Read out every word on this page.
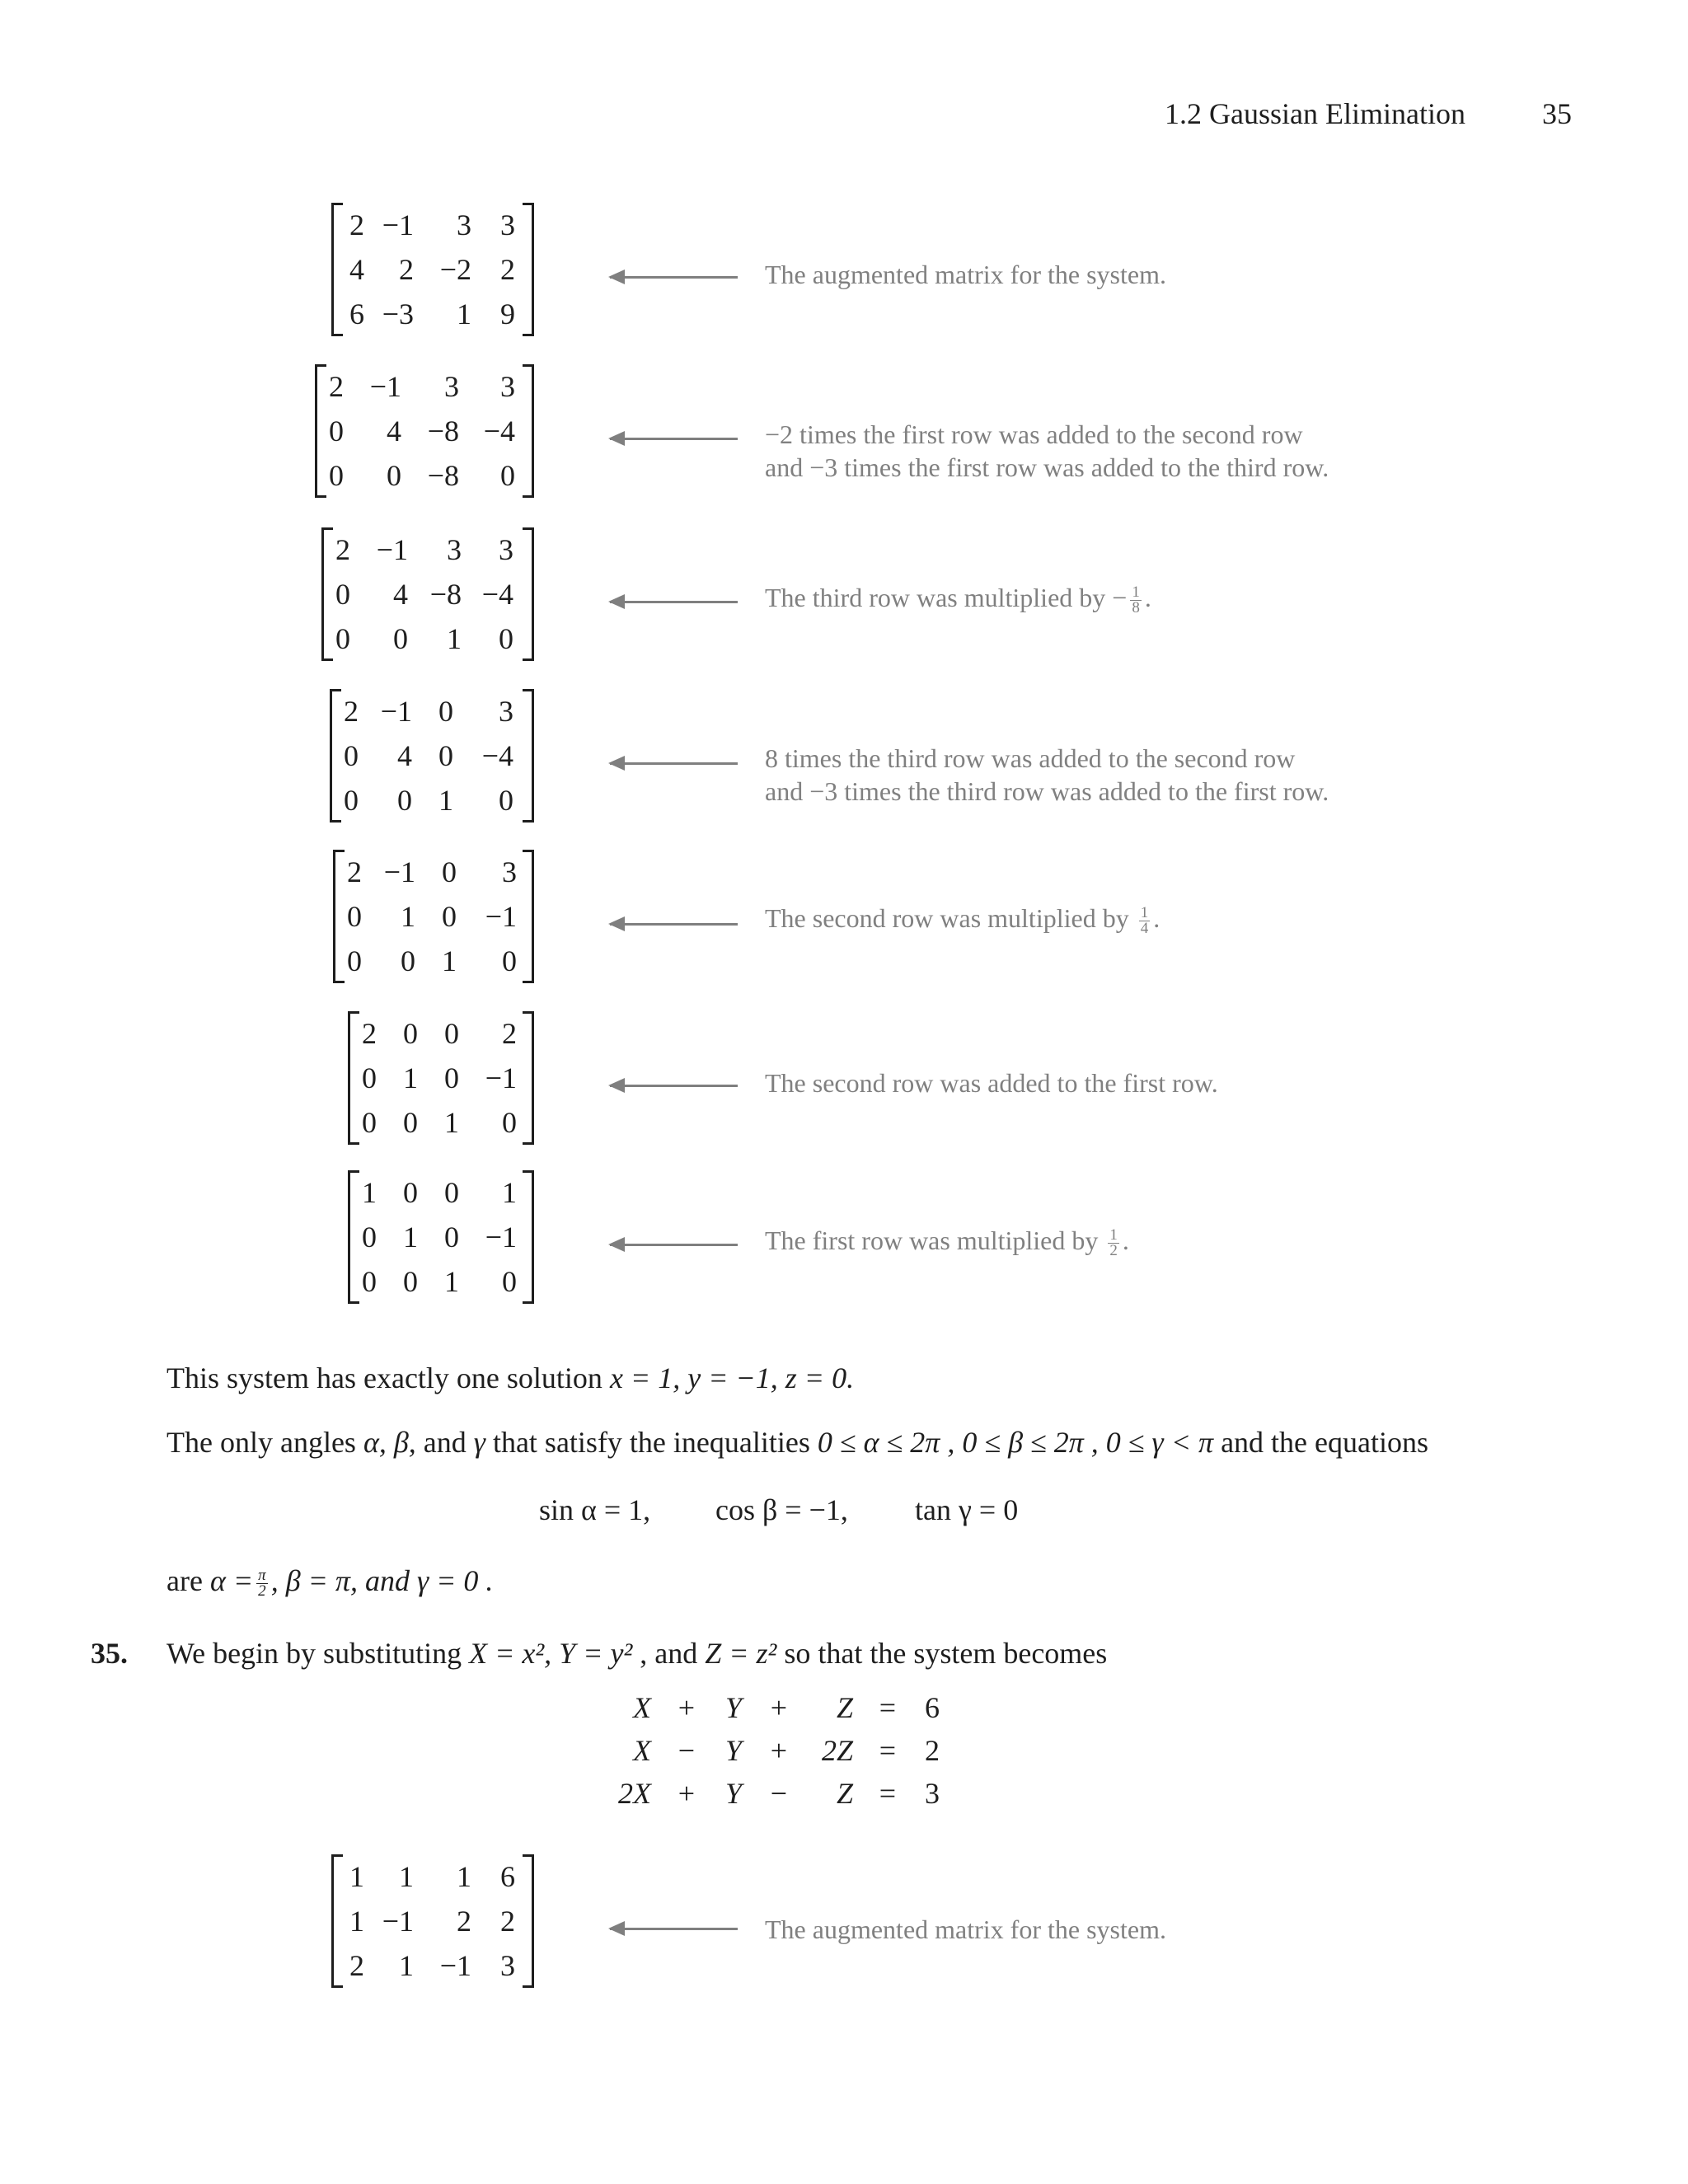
1.2 Gaussian Elimination	35
2 −1	3 3
4	2 −2 2
6 −3	1 9
The augmented matrix for the system.
2 −1	3	3
0	4 −8 −4
0	0 −8	0
−2 times the first row was added to the second row
and −3 times the first row was added to the third row.
2 −1	3	3
0	4 −8 −4
0	0	1	0
The third row was multiplied by − $\frac{1}{8}$ .
2 −1 0	3
0	4 0 −4
0	0 1	0
8 times the third row was added to the second row
and −3 times the third row was added to the first row.
2 −1 0	3
0	1 0 −1
0	0 1	0
The second row was multiplied by $\frac{1}{4}$ .
2 0 0	2
0 1 0 −1
0 0 1	0
The second row was added to the first row.
1 0 0	1
0 1 0 −1
0 0 1	0
The first row was multiplied by $\frac{1}{2}$ .
1	1	1 6
1 −1	2 2
2	1 −1 3
The augmented matrix for the system.
This system has exactly one solution x = 1, y = −1, z = 0.
The only angles α, β, and γ that satisfy the inequalities 0 ≤ α ≤ 2π , 0 ≤ β ≤ 2π , 0 ≤ γ < π and the equations
sin α = 1, cos β = −1, tan γ = 0
are $\alpha = \frac{\pi}{2}$ , β = π, and γ = 0 .
35. We begin by substituting X = x², Y = y² , and Z = z² so that the system becomes
X +	Y +	Z = 6
X −	Y +	2Z = 2
2X +	Y −	Z = 3
